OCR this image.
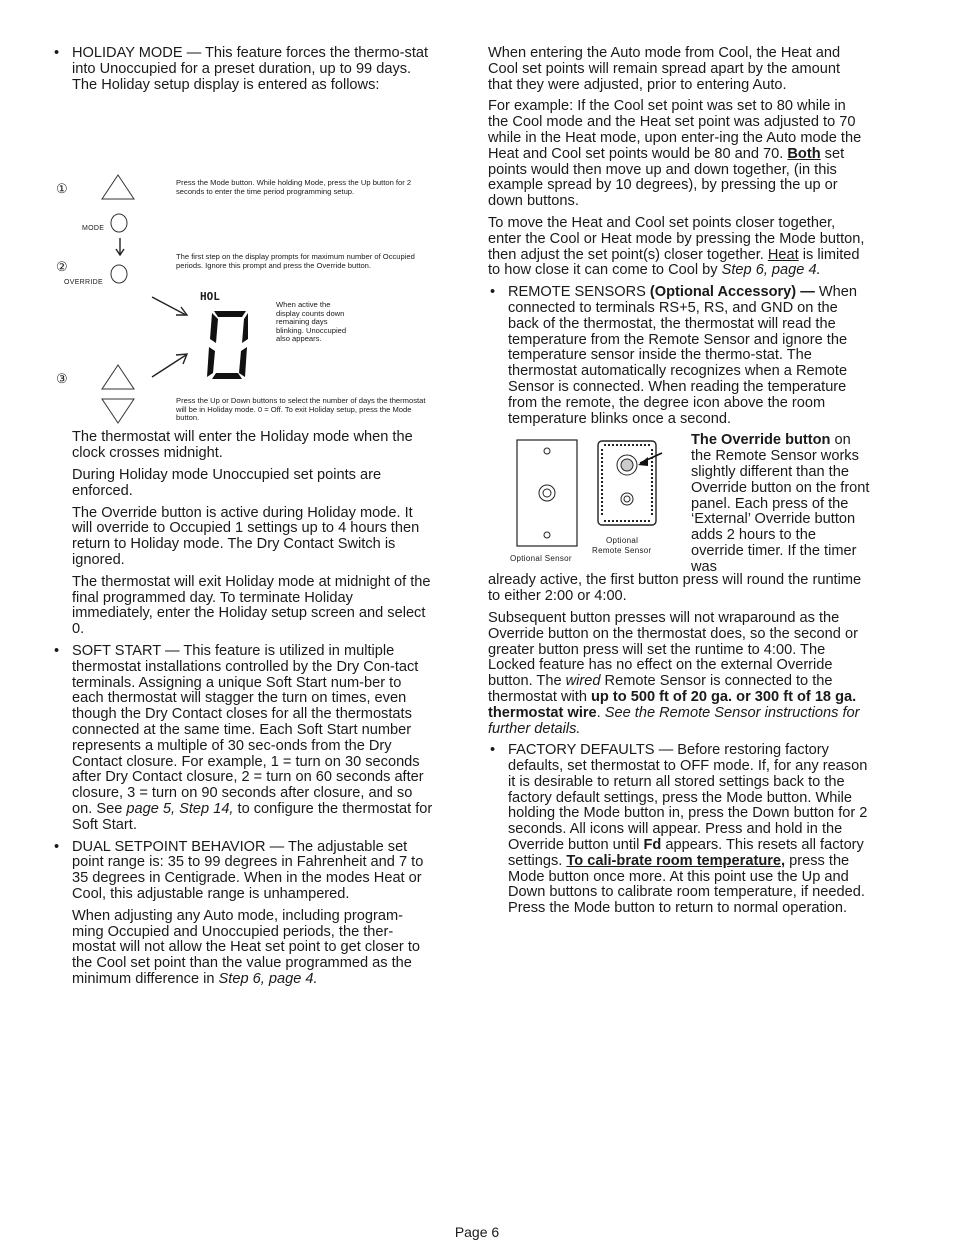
• HOLIDAY MODE — This feature forces the thermo-stat into Unoccupied for a preset duration, up to 99 days. The Holiday setup display is entered as follows:
①
②
③
MODE
OVERRIDE
Press the Mode button. While holding Mode, press the Up button for 2 seconds to enter the time period programming setup.
The first step on the display prompts for maximum number of Occupied periods. Ignore this prompt and press the Override button.
HOL
When active the display counts down remaining days blinking. Unoccupied also appears.
Press the Up or Down buttons to select the number of days the thermostat will be in Holiday mode. 0 = Off. To exit Holiday setup, press the Mode button.

The thermostat will enter the Holiday mode when the clock crosses midnight.

During Holiday mode Unoccupied set points are enforced.

The Override button is active during Holiday mode. It will override to Occupied 1 settings up to 4 hours then return to Holiday mode. The Dry Contact Switch is ignored.

The thermostat will exit Holiday mode at midnight of the final programmed day. To terminate Holiday immediately, enter the Holiday setup screen and select 0.

• SOFT START — This feature is utilized in multiple thermostat installations controlled by the Dry Con-tact terminals. Assigning a unique Soft Start num-ber to each thermostat will stagger the turn on times, even though the Dry Contact closes for all the thermostats connected at the same time. Each Soft Start number represents a multiple of 30 sec-onds from the Dry Contact closure. For example, 1 = turn on 30 seconds after Dry Contact closure, 2 = turn on 60 seconds after closure, 3 = turn on 90 seconds after closure, and so on. See page 5, Step 14, to configure the thermostat for Soft Start.
• DUAL SETPOINT BEHAVIOR — The adjustable set point range is: 35 to 99 degrees in Fahrenheit and 7 to 35 degrees in Centigrade. When in the modes Heat or Cool, this adjustable range is unhampered.

When adjusting any Auto mode, including program-ming Occupied and Unoccupied periods, the ther-mostat will not allow the Heat set point to get closer to the Cool set point than the value programmed as the minimum difference in Step 6, page 4.

When entering the Auto mode from Cool, the Heat and Cool set points will remain spread apart by the amount that they were adjusted, prior to entering Auto.

For example: If the Cool set point was set to 80 while in the Cool mode and the Heat set point was adjusted to 70 while in the Heat mode, upon enter-ing the Auto mode the Heat and Cool set points would be 80 and 70. Both set points would then move up and down together, (in this example spread by 10 degrees), by pressing the up or down buttons.

To move the Heat and Cool set points closer together, enter the Cool or Heat mode by pressing the Mode button, then adjust the set point(s) closer together. Heat is limited to how close it can come to Cool by Step 6, page 4.

• REMOTE SENSORS (Optional Accessory) — When connected to terminals RS+5, RS, and GND on the back of the thermostat, the thermostat will read the temperature from the Remote Sensor and ignore the temperature sensor inside the thermo-stat. The thermostat automatically recognizes when a Remote Sensor is connected. When reading the temperature from the remote, the degree icon above the room temperature blinks once a second.
Optional Sensor
Optional
Remote Sensor
The Override button on the Remote Sensor works slightly different than the Override button on the front panel. Each press of the ‘External’ Override button adds 2 hours to the override timer. If the timer was

already active, the first button press will round the runtime to either 2:00 or 4:00.

Subsequent button presses will not wraparound as the Override button on the thermostat does, so the second or greater button press will set the runtime to 4:00. The Locked feature has no effect on the external Override button. The wired Remote Sensor is connected to the thermostat with up to 500 ft of 20 ga. or 300 ft of 18 ga. thermostat wire. See the Remote Sensor instructions for further details.

• FACTORY DEFAULTS — Before restoring factory defaults, set thermostat to OFF mode. If, for any reason it is desirable to return all stored settings back to the factory default settings, press the Mode button. While holding the Mode button in, press the Down button for 2 seconds. All icons will appear. Press and hold in the Override button until Fd appears. This resets all factory settings. To cali-brate room temperature, press the Mode button once more. At this point use the Up and Down buttons to calibrate room temperature, if needed. Press the Mode button to return to normal operation.
Page 6
